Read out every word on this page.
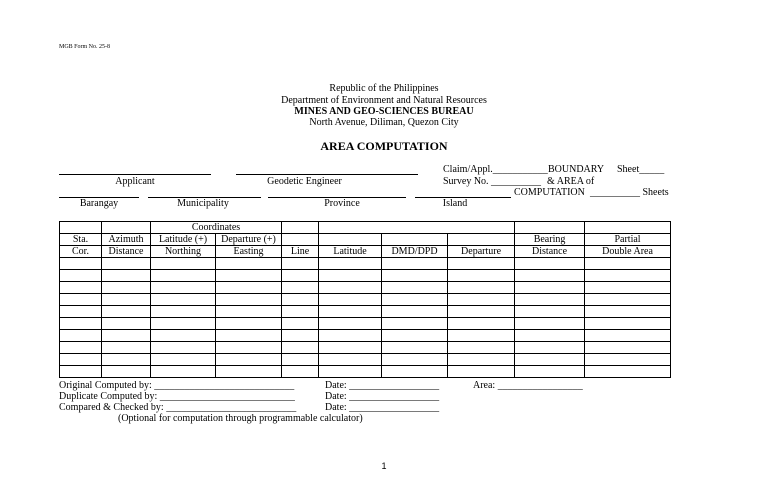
MGB Form No. 25-8
Republic of the Philippines
Department of Environment and Natural Resources
MINES AND GEO-SCIENCES BUREAU
North Avenue, Diliman, Quezon City
AREA COMPUTATION
Applicant	Geodetic Engineer
Claim/Appl.___________
Survey No. __________
BOUNDARY
& AREA of
COMPUTATION
Sheet_____
__________ Sheets
Barangay	Municipality	Province	Island
		Coordinates							
Sta.	Azimuth	Latitude (+)	Departure (+)					Bearing	Partial
Cor.	Distance	Northing	Easting	Line	Latitude	DMD/DPD	Departure	Distance	Double Area

Original Computed by: ____________________________
Duplicate Computed by: ___________________________
Compared & Checked by: __________________________
Date: __________________
Date: __________________
Date: __________________
Area: _________________
(Optional for computation through programmable calculator)
1
